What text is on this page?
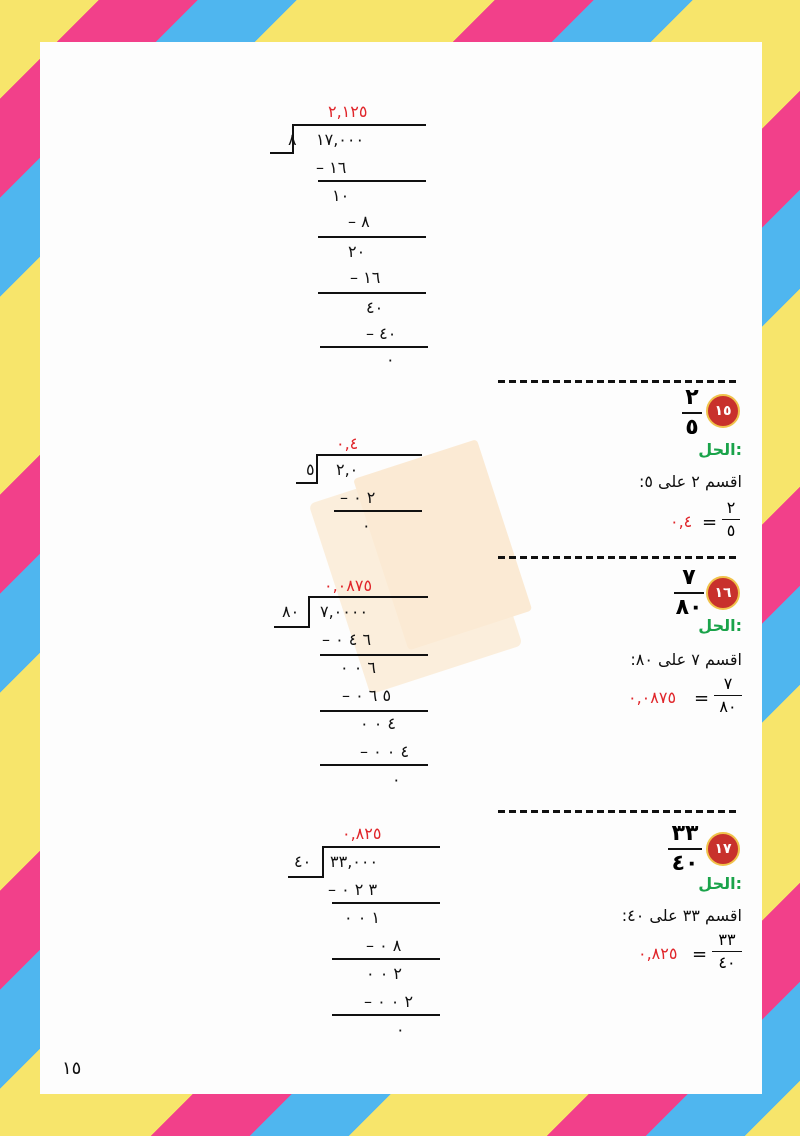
٢,١٢٥
٨ ١٧,٠٠٠
– ١٦
١٠
– ٨
٢٠
– ١٦
٤٠
– ٤٠
٠
١٥
٢
٥
الحل:
اقسم ٢ على ٥:
٢
٥
=
٠,٤
٠,٤
٥ ٢,٠
– ٢ ٠
٠
١٦
٧
٨٠
الحل:
اقسم ٧ على ٨٠:
٧
٨٠
=
٠,٠٨٧٥
٠,٠٨٧٥
٨٠ ٧,٠٠٠٠
– ٦ ٤ ٠
٦ ٠ ٠
– ٥ ٦ ٠
٤ ٠ ٠
– ٤ ٠ ٠
٠
١٧
٣٣
٤٠
الحل:
اقسم ٣٣ على ٤٠:
٣٣
٤٠
=
٠,٨٢٥
٠,٨٢٥
٤٠ ٣٣,٠٠٠
– ٣ ٢ ٠
١ ٠ ٠
– ٨ ٠
٢ ٠ ٠
– ٢ ٠ ٠
٠
١٥
